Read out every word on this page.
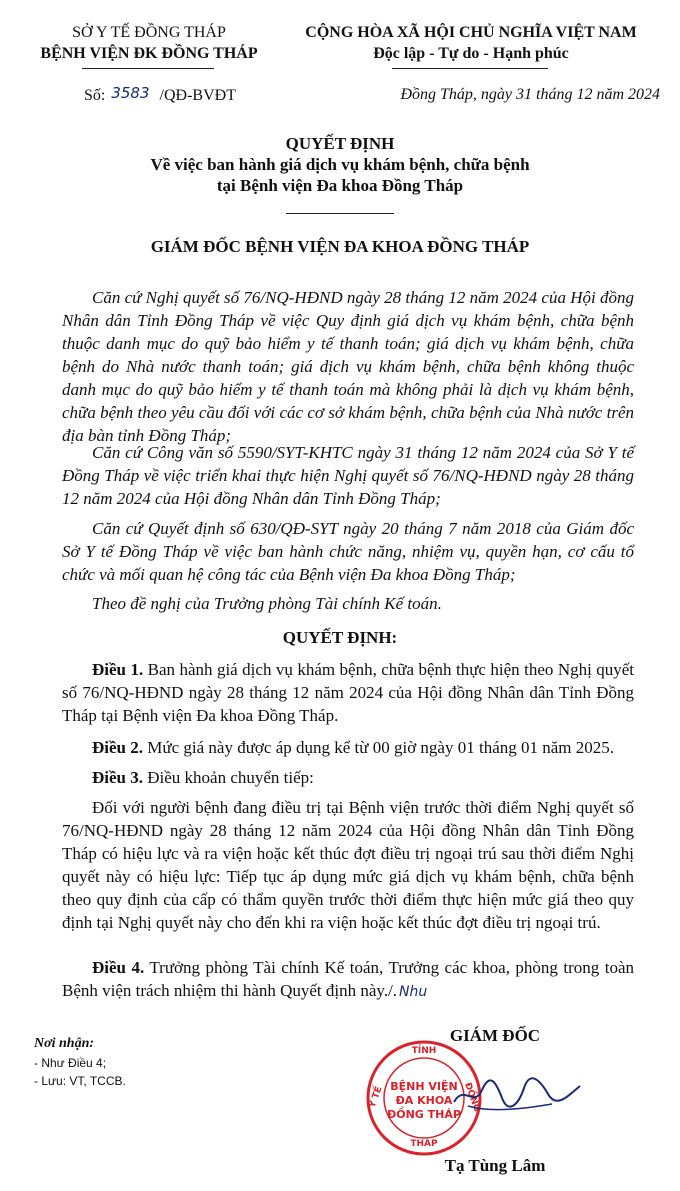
SỞ Y TẾ ĐỒNG THÁP
BỆNH VIỆN ĐK ĐỒNG THÁP
CỘNG HÒA XÃ HỘI CHỦ NGHĨA VIỆT NAM
Độc lập - Tự do - Hạnh phúc
Số: 3583 /QĐ-BVĐT	Đồng Tháp, ngày 31 tháng 12 năm 2024
QUYẾT ĐỊNH
Về việc ban hành giá dịch vụ khám bệnh, chữa bệnh
tại Bệnh viện Đa khoa Đồng Tháp
GIÁM ĐỐC BỆNH VIỆN ĐA KHOA ĐỒNG THÁP
Căn cứ Nghị quyết số 76/NQ-HĐND ngày 28 tháng 12 năm 2024 của Hội đồng Nhân dân Tỉnh Đồng Tháp về việc Quy định giá dịch vụ khám bệnh, chữa bệnh thuộc danh mục do quỹ bảo hiểm y tế thanh toán; giá dịch vụ khám bệnh, chữa bệnh do Nhà nước thanh toán; giá dịch vụ khám bệnh, chữa bệnh không thuộc danh mục do quỹ bảo hiểm y tế thanh toán mà không phải là dịch vụ khám bệnh, chữa bệnh theo yêu cầu đối với các cơ sở khám bệnh, chữa bệnh của Nhà nước trên địa bàn tỉnh Đồng Tháp;
Căn cứ Công văn số 5590/SYT-KHTC ngày 31 tháng 12 năm 2024 của Sở Y tế Đồng Tháp về việc triển khai thực hiện Nghị quyết số 76/NQ-HĐND ngày 28 tháng 12 năm 2024 của Hội đồng Nhân dân Tỉnh Đồng Tháp;
Căn cứ Quyết định số 630/QĐ-SYT ngày 20 tháng 7 năm 2018 của Giám đốc Sở Y tế Đồng Tháp về việc ban hành chức năng, nhiệm vụ, quyền hạn, cơ cấu tổ chức và mối quan hệ công tác của Bệnh viện Đa khoa Đồng Tháp;
Theo đề nghị của Trưởng phòng Tài chính Kế toán.
QUYẾT ĐỊNH:
Điều 1. Ban hành giá dịch vụ khám bệnh, chữa bệnh thực hiện theo Nghị quyết số 76/NQ-HĐND ngày 28 tháng 12 năm 2024 của Hội đồng Nhân dân Tỉnh Đồng Tháp tại Bệnh viện Đa khoa Đồng Tháp.
Điều 2. Mức giá này được áp dụng kể từ 00 giờ ngày 01 tháng 01 năm 2025.
Điều 3. Điều khoản chuyển tiếp:
Đối với người bệnh đang điều trị tại Bệnh viện trước thời điểm Nghị quyết số 76/NQ-HĐND ngày 28 tháng 12 năm 2024 của Hội đồng Nhân dân Tỉnh Đồng Tháp có hiệu lực và ra viện hoặc kết thúc đợt điều trị ngoại trú sau thời điểm Nghị quyết này có hiệu lực: Tiếp tục áp dụng mức giá dịch vụ khám bệnh, chữa bệnh theo quy định của cấp có thẩm quyền trước thời điểm thực hiện mức giá theo quy định tại Nghị quyết này cho đến khi ra viện hoặc kết thúc đợt điều trị ngoại trú.
Điều 4. Trưởng phòng Tài chính Kế toán, Trưởng các khoa, phòng trong toàn Bệnh viện trách nhiệm thi hành Quyết định này./. Nhu
Nơi nhận:
- Như Điều 4;
- Lưu: VT, TCCB.
GIÁM ĐỐC
TỈNH
Y TẾ	ĐỒNG
THÁP
BỆNH VIỆN
ĐA KHOA
ĐỒNG THÁP
Tạ Tùng Lâm
